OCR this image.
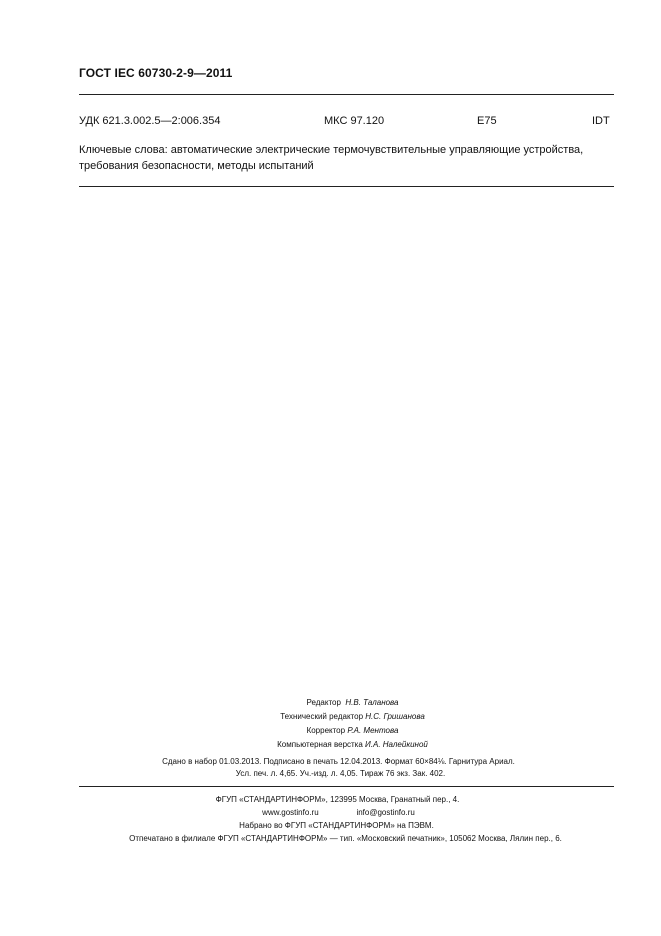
ГОСТ IEC 60730-2-9—2011
УДК 621.3.002.5—2:006.354	МКС 97.120	E75	IDT
Ключевые слова: автоматические электрические термочувствительные управляющие устройства, требования безопасности, методы испытаний
Редактор Н.В. Таланова
Технический редактор Н.С. Гришанова
Корректор Р.А. Ментова
Компьютерная верстка И.А. Налейкиной
Сдано в набор 01.03.2013. Подписано в печать 12.04.2013. Формат 60×84⅛. Гарнитура Ариал.
Усл. печ. л. 4,65. Уч.-изд. л. 4,05. Тираж 76 экз. Зак. 402.
ФГУП «СТАНДАРТИНФОРМ», 123995 Москва, Гранатный пер., 4.
www.gostinfo.ru	info@gostinfo.ru
Набрано во ФГУП «СТАНДАРТИНФОРМ» на ПЭВМ.
Отпечатано в филиале ФГУП «СТАНДАРТИНФОРМ» — тип. «Московский печатник», 105062 Москва, Лялин пер., 6.
